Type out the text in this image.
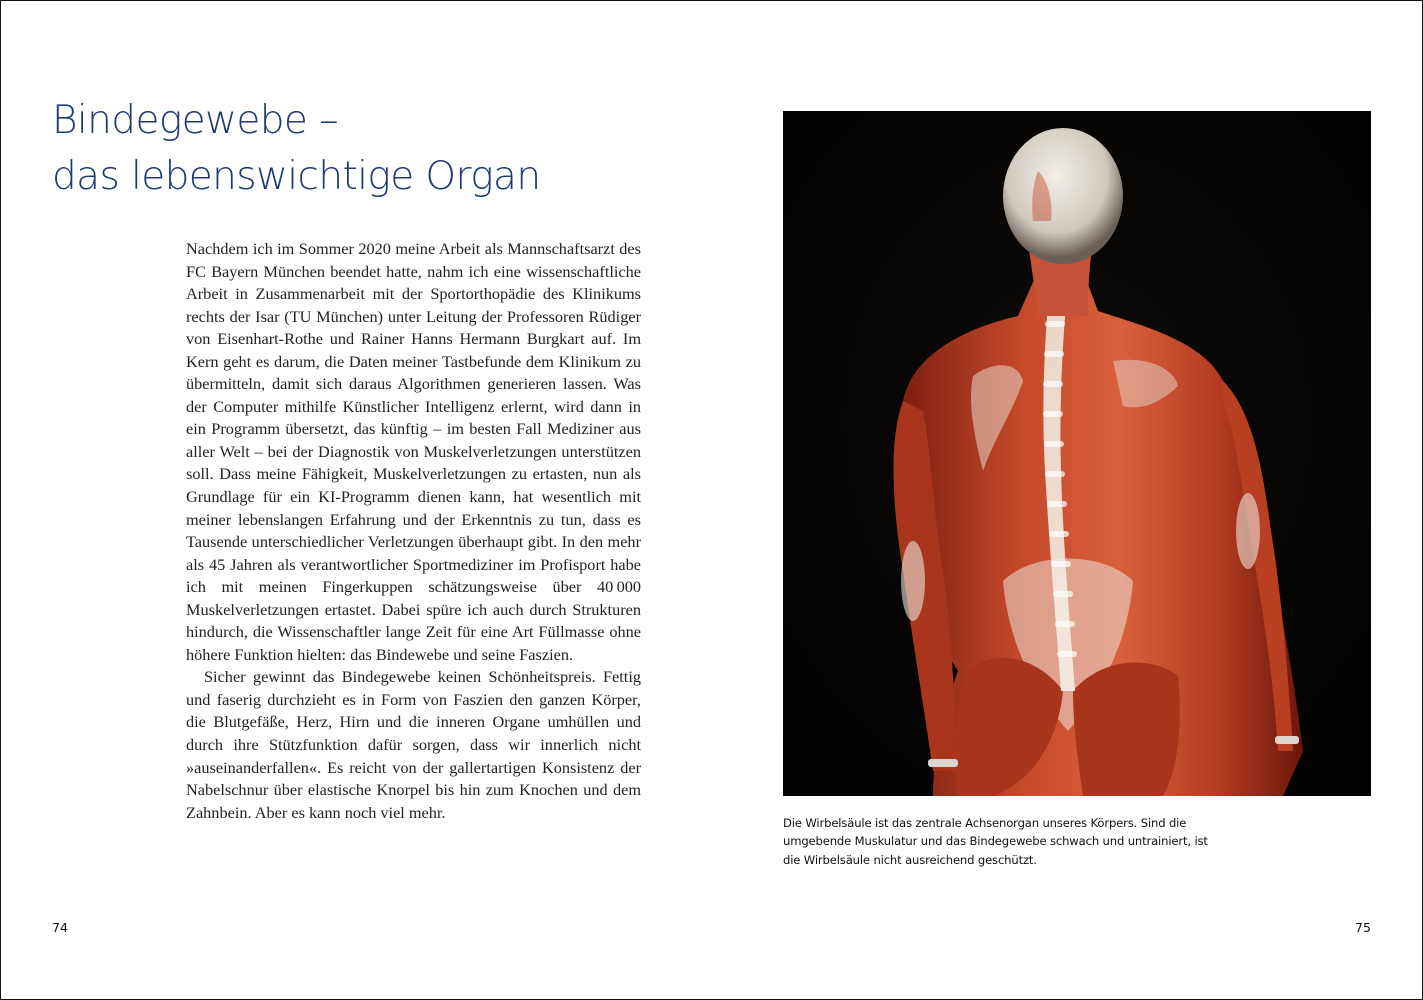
Bindegewebe –
das lebenswichtige Organ

Nachdem ich im Sommer 2020 meine Arbeit als Mannschaftsarzt des FC Bayern München beendet hatte, nahm ich eine wissenschaftliche Arbeit in Zusammenarbeit mit der Sportorthopädie des Klinikums rechts der Isar (TU München) unter Leitung der Professoren Rüdiger von Eisenhart-Rothe und Rainer Hanns Hermann Burgkart auf. Im Kern geht es darum, die Daten meiner Tastbefunde dem Klinikum zu übermitteln, damit sich daraus Algorithmen generieren lassen. Was der Computer mithilfe Künstlicher Intelligenz erlernt, wird dann in ein Programm übersetzt, das künftig – im besten Fall Mediziner aus aller Welt – bei der Diagnostik von Muskelverletzungen unterstützen soll. Dass meine Fähigkeit, Muskelverletzungen zu ertasten, nun als Grundlage für ein KI-Programm dienen kann, hat wesentlich mit meiner lebenslangen Erfahrung und der Erkenntnis zu tun, dass es Tausende unterschiedlicher Verletzungen überhaupt gibt. In den mehr als 45 Jahren als verantwortlicher Sportmediziner im Profisport habe ich mit meinen Fingerkuppen schätzungsweise über 40 000 Muskelverletzungen ertastet. Dabei spüre ich auch durch Strukturen hindurch, die Wissenschaftler lange Zeit für eine Art Füllmasse ohne höhere Funktion hielten: das Bindewebe und seine Faszien.

Sicher gewinnt das Bindegewebe keinen Schönheitspreis. Fettig und faserig durchzieht es in Form von Faszien den ganzen Körper, die Blutgefäße, Herz, Hirn und die inneren Organe umhüllen und durch ihre Stützfunktion dafür sorgen, dass wir innerlich nicht »auseinanderfallen«. Es reicht von der gallertartigen Konsistenz der Nabelschnur über elastische Knorpel bis hin zum Knochen und dem Zahnbein. Aber es kann noch viel mehr.

74
Die Wirbelsäule ist das zentrale Achsenorgan unseres Körpers. Sind die umgebende Muskulatur und das Bindegewebe schwach und untrainiert, ist die Wirbelsäule nicht ausreichend geschützt.
75
